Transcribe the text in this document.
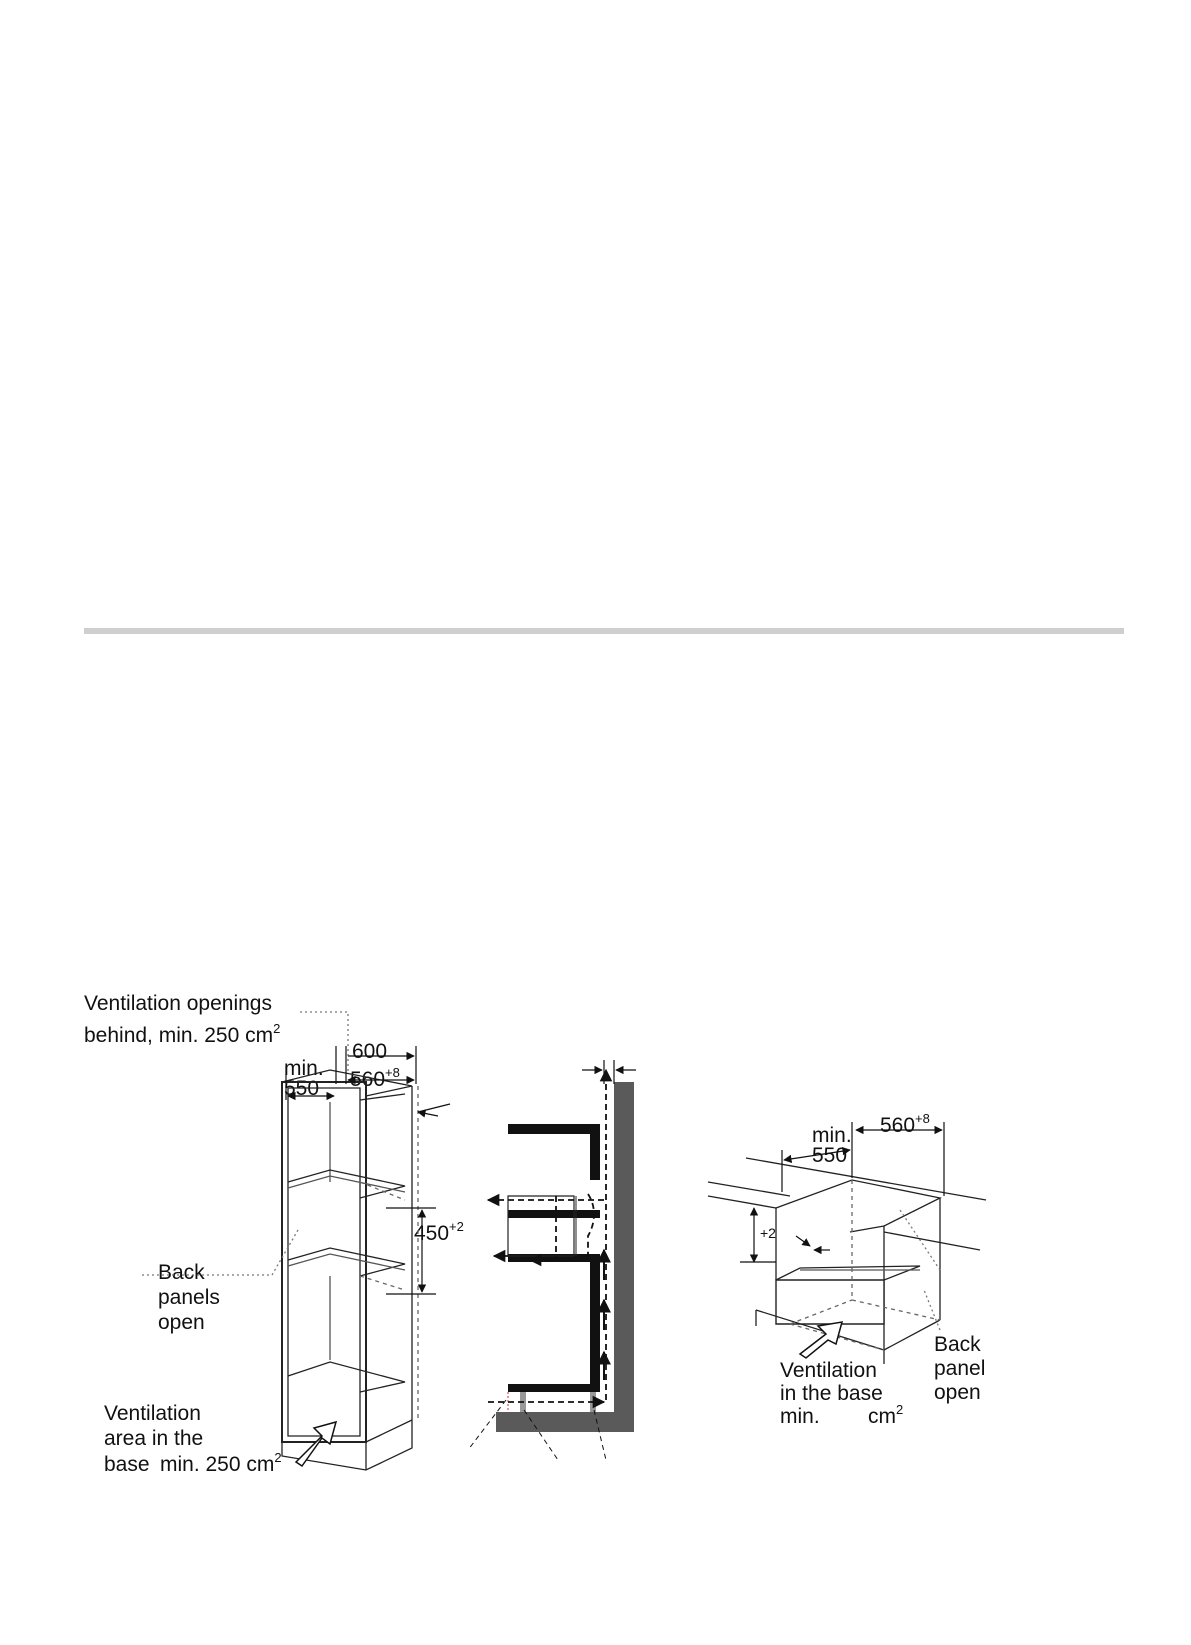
Ventilation openings
behind, min. 250 $cm^2$
600
min.
550 $560^{+8}$
$450^{+2}$
Back
panels
open
Ventilation
area in the
base min. 250 $cm^2$
min.
550
$560^{+8}$
+2
Back
panel
open
Ventilation
in the base
min. $cm^2$
